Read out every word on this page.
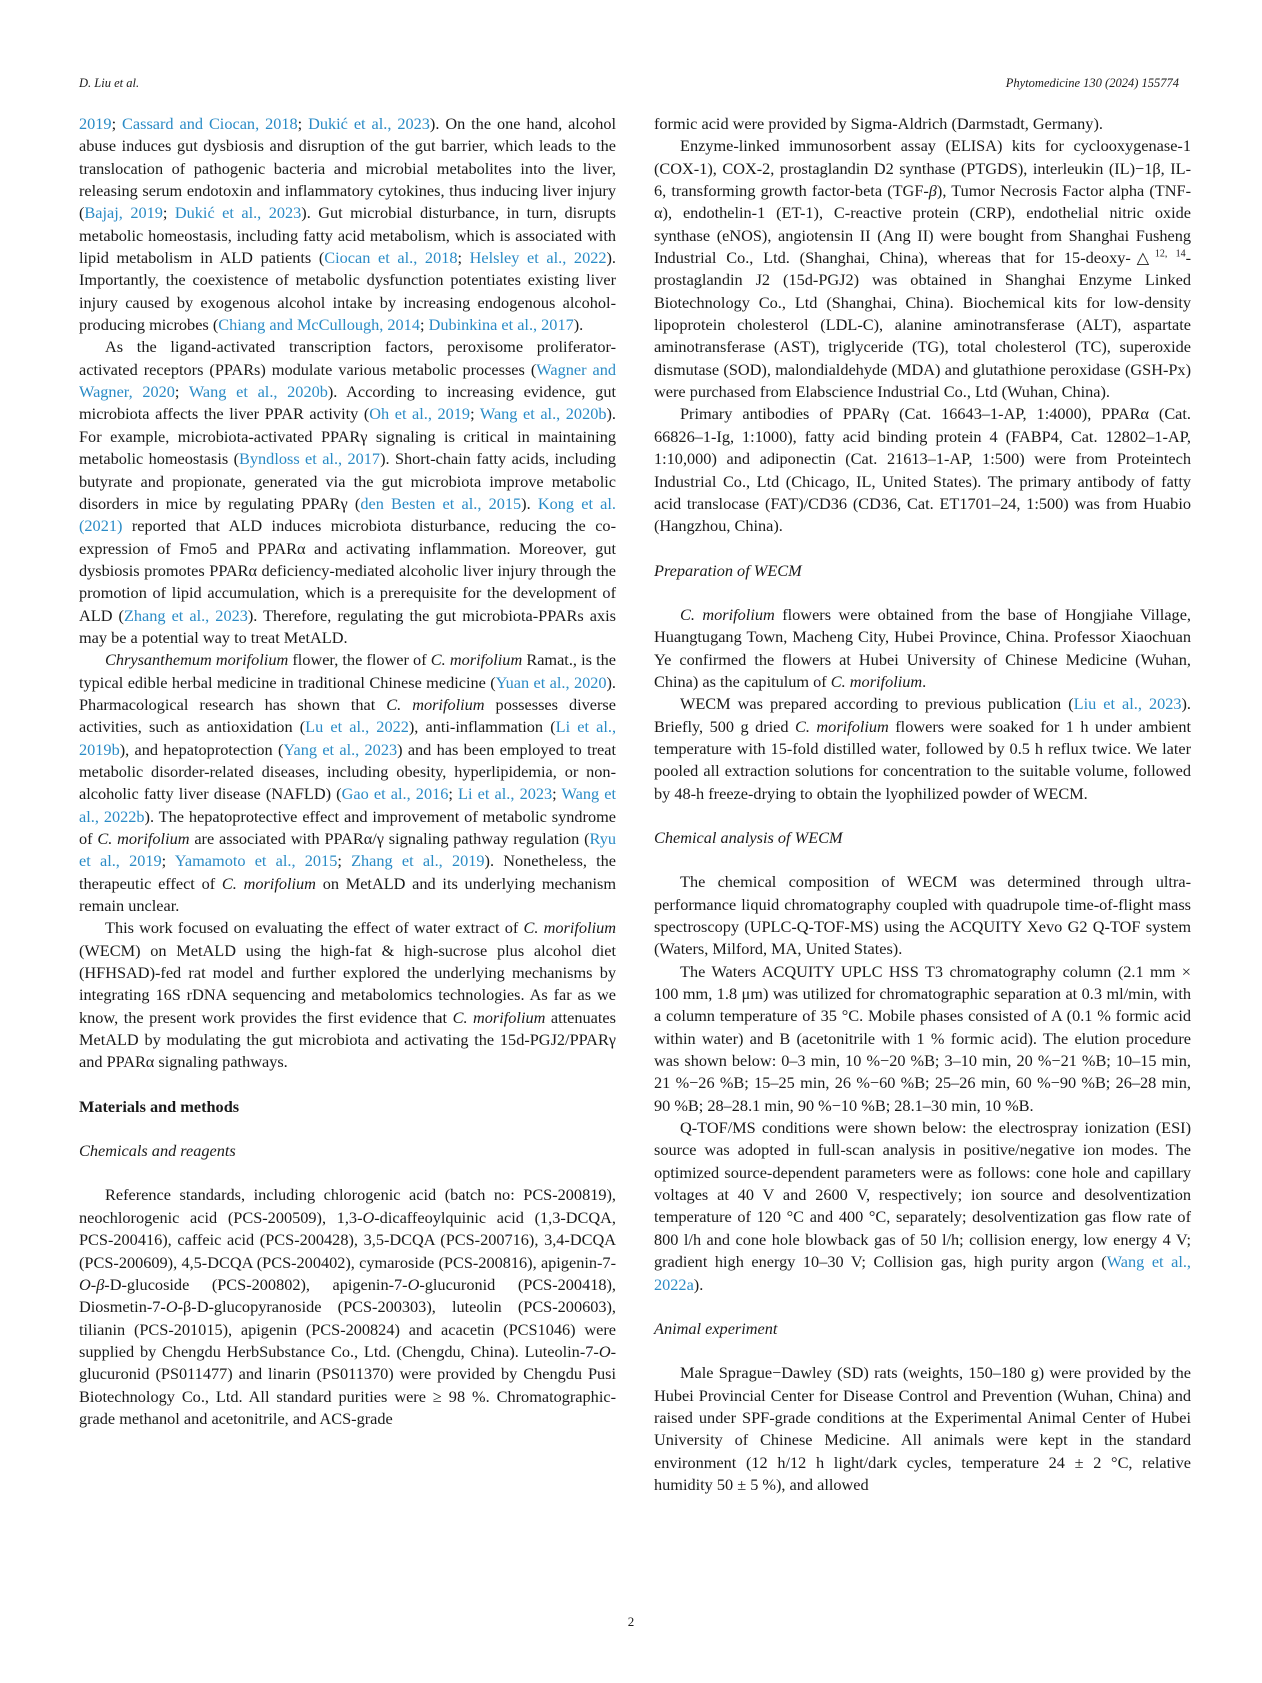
D. Liu et al.	Phytomedicine 130 (2024) 155774

2019; Cassard and Ciocan, 2018; Dukić et al., 2023). On the one hand, alcohol abuse induces gut dysbiosis and disruption of the gut barrier, which leads to the translocation of pathogenic bacteria and microbial metabolites into the liver, releasing serum endotoxin and inflammatory cytokines, thus inducing liver injury (Bajaj, 2019; Dukić et al., 2023). Gut microbial disturbance, in turn, disrupts metabolic homeostasis, including fatty acid metabolism, which is associated with lipid metabolism in ALD patients (Ciocan et al., 2018; Helsley et al., 2022). Importantly, the coexistence of metabolic dysfunction potentiates existing liver injury caused by exogenous alcohol intake by increasing endogenous alcohol-producing microbes (Chiang and McCullough, 2014; Dubinkina et al., 2017).

As the ligand-activated transcription factors, peroxisome proliferator-activated receptors (PPARs) modulate various metabolic processes (Wagner and Wagner, 2020; Wang et al., 2020b). According to increasing evidence, gut microbiota affects the liver PPAR activity (Oh et al., 2019; Wang et al., 2020b). For example, microbiota-activated PPARγ signaling is critical in maintaining metabolic homeostasis (Byndloss et al., 2017). Short-chain fatty acids, including butyrate and propionate, generated via the gut microbiota improve metabolic disorders in mice by regulating PPARγ (den Besten et al., 2015). Kong et al. (2021) reported that ALD induces microbiota disturbance, reducing the co-expression of Fmo5 and PPARα and activating inflammation. Moreover, gut dysbiosis promotes PPARα deficiency-mediated alcoholic liver injury through the promotion of lipid accumulation, which is a prerequisite for the development of ALD (Zhang et al., 2023). Therefore, regulating the gut microbiota-PPARs axis may be a potential way to treat MetALD.

Chrysanthemum morifolium flower, the flower of C. morifolium Ramat., is the typical edible herbal medicine in traditional Chinese medicine (Yuan et al., 2020). Pharmacological research has shown that C. morifolium possesses diverse activities, such as antioxidation (Lu et al., 2022), anti-inflammation (Li et al., 2019b), and hepatoprotection (Yang et al., 2023) and has been employed to treat metabolic disorder-related diseases, including obesity, hyperlipidemia, or non-alcoholic fatty liver disease (NAFLD) (Gao et al., 2016; Li et al., 2023; Wang et al., 2022b). The hepatoprotective effect and improvement of metabolic syndrome of C. morifolium are associated with PPARα/γ signaling pathway regulation (Ryu et al., 2019; Yamamoto et al., 2015; Zhang et al., 2019). Nonetheless, the therapeutic effect of C. morifolium on MetALD and its underlying mechanism remain unclear.

This work focused on evaluating the effect of water extract of C. morifolium (WECM) on MetALD using the high-fat & high-sucrose plus alcohol diet (HFHSAD)-fed rat model and further explored the underlying mechanisms by integrating 16S rDNA sequencing and metabolomics technologies. As far as we know, the present work provides the first evidence that C. morifolium attenuates MetALD by modulating the gut microbiota and activating the 15d-PGJ2/PPARγ and PPARα signaling pathways.

Materials and methods

Chemicals and reagents

Reference standards, including chlorogenic acid (batch no: PCS-200819), neochlorogenic acid (PCS-200509), 1,3-O-dicaffeoylquinic acid (1,3-DCQA, PCS-200416), caffeic acid (PCS-200428), 3,5-DCQA (PCS-200716), 3,4-DCQA (PCS-200609), 4,5-DCQA (PCS-200402), cymaroside (PCS-200816), apigenin-7-O-β-D-glucoside (PCS-200802), apigenin-7-O-glucuronid (PCS-200418), Diosmetin-7-O-β-D-glucopyranoside (PCS-200303), luteolin (PCS-200603), tilianin (PCS-201015), apigenin (PCS-200824) and acacetin (PCS1046) were supplied by Chengdu HerbSubstance Co., Ltd. (Chengdu, China). Luteolin-7-O-glucuronid (PS011477) and linarin (PS011370) were provided by Chengdu Pusi Biotechnology Co., Ltd. All standard purities were ≥ 98 %. Chromatographic-grade methanol and acetonitrile, and ACS-grade

formic acid were provided by Sigma-Aldrich (Darmstadt, Germany).

Enzyme-linked immunosorbent assay (ELISA) kits for cyclooxygenase-1 (COX-1), COX-2, prostaglandin D2 synthase (PTGDS), interleukin (IL)−1β, IL- 6, transforming growth factor-beta (TGF-β), Tumor Necrosis Factor alpha (TNF-α), endothelin-1 (ET-1), C-reactive protein (CRP), endothelial nitric oxide synthase (eNOS), angiotensin II (Ang II) were bought from Shanghai Fusheng Industrial Co., Ltd. (Shanghai, China), whereas that for 15-deoxy-△$^{12, 14}$-prostaglandin J2 (15d-PGJ2) was obtained in Shanghai Enzyme Linked Biotechnology Co., Ltd (Shanghai, China). Biochemical kits for low-density lipoprotein cholesterol (LDL-C), alanine aminotransferase (ALT), aspartate aminotransferase (AST), triglyceride (TG), total cholesterol (TC), superoxide dismutase (SOD), malondialdehyde (MDA) and glutathione peroxidase (GSH-Px) were purchased from Elabscience Industrial Co., Ltd (Wuhan, China).

Primary antibodies of PPARγ (Cat. 16643–1-AP, 1:4000), PPARα (Cat. 66826–1-Ig, 1:1000), fatty acid binding protein 4 (FABP4, Cat. 12802–1-AP, 1:10,000) and adiponectin (Cat. 21613–1-AP, 1:500) were from Proteintech Industrial Co., Ltd (Chicago, IL, United States). The primary antibody of fatty acid translocase (FAT)/CD36 (CD36, Cat. ET1701–24, 1:500) was from Huabio (Hangzhou, China).

Preparation of WECM

C. morifolium flowers were obtained from the base of Hongjiahe Village, Huangtugang Town, Macheng City, Hubei Province, China. Professor Xiaochuan Ye confirmed the flowers at Hubei University of Chinese Medicine (Wuhan, China) as the capitulum of C. morifolium.

WECM was prepared according to previous publication (Liu et al., 2023). Briefly, 500 g dried C. morifolium flowers were soaked for 1 h under ambient temperature with 15-fold distilled water, followed by 0.5 h reflux twice. We later pooled all extraction solutions for concentration to the suitable volume, followed by 48-h freeze-drying to obtain the lyophilized powder of WECM.

Chemical analysis of WECM

The chemical composition of WECM was determined through ultra-performance liquid chromatography coupled with quadrupole time-of-flight mass spectroscopy (UPLC-Q-TOF-MS) using the ACQUITY Xevo G2 Q-TOF system (Waters, Milford, MA, United States).

The Waters ACQUITY UPLC HSS T3 chromatography column (2.1 mm × 100 mm, 1.8 μm) was utilized for chromatographic separation at 0.3 ml/min, with a column temperature of 35 °C. Mobile phases consisted of A (0.1 % formic acid within water) and B (acetonitrile with 1 % formic acid). The elution procedure was shown below: 0–3 min, 10 %−20 %B; 3–10 min, 20 %−21 %B; 10–15 min, 21 %−26 %B; 15–25 min, 26 %−60 %B; 25–26 min, 60 %−90 %B; 26–28 min, 90 %B; 28–28.1 min, 90 %−10 %B; 28.1–30 min, 10 %B.

Q-TOF/MS conditions were shown below: the electrospray ionization (ESI) source was adopted in full-scan analysis in positive/negative ion modes. The optimized source-dependent parameters were as follows: cone hole and capillary voltages at 40 V and 2600 V, respectively; ion source and desolventization temperature of 120 °C and 400 °C, separately; desolventization gas flow rate of 800 l/h and cone hole blowback gas of 50 l/h; collision energy, low energy 4 V; gradient high energy 10–30 V; Collision gas, high purity argon (Wang et al., 2022a).

Animal experiment

Male Sprague−Dawley (SD) rats (weights, 150–180 g) were provided by the Hubei Provincial Center for Disease Control and Prevention (Wuhan, China) and raised under SPF-grade conditions at the Experimental Animal Center of Hubei University of Chinese Medicine. All animals were kept in the standard environment (12 h/12 h light/dark cycles, temperature 24 ± 2 °C, relative humidity 50 ± 5 %), and allowed

2
